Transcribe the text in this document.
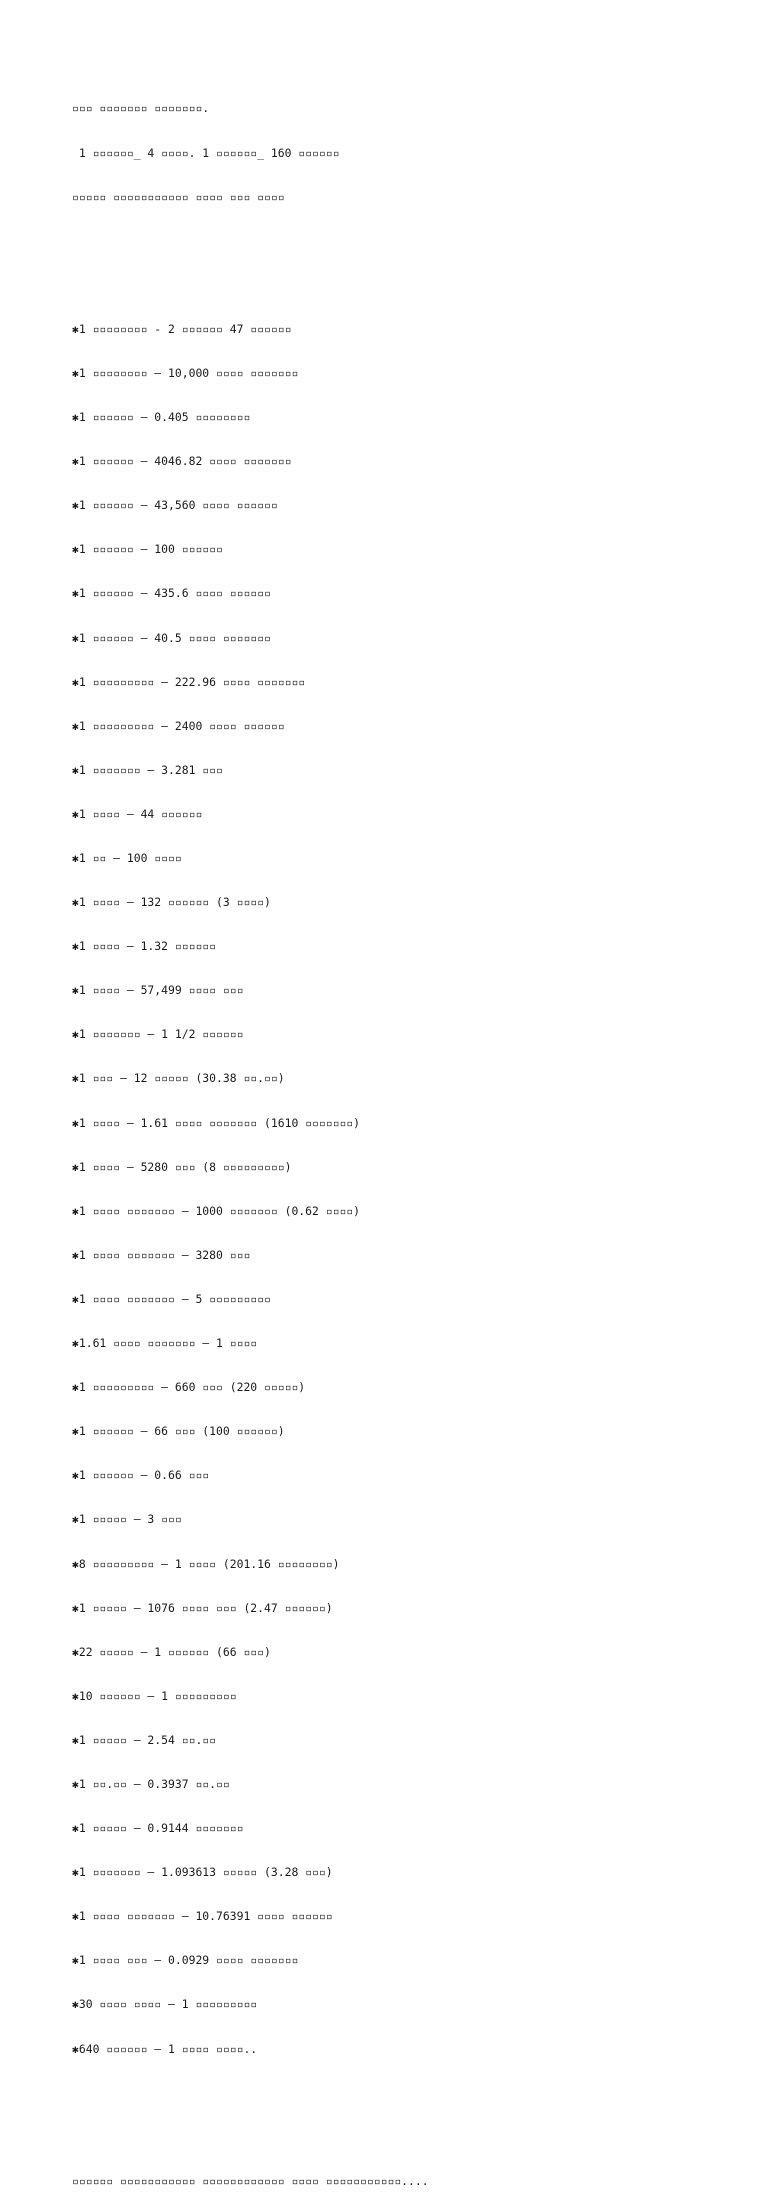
▫▫▫ ▫▫▫▫▫▫▫ ▫▫▫▫▫▫▫.

1 ▫▫▫▫▫▫_ 4 ▫▫▫▫. 1 ▫▫▫▫▫▫_ 160 ▫▫▫▫▫▫

▫▫▫▫▫ ▫▫▫▫▫▫▫▫▫▫▫ ▫▫▫▫ ▫▫▫ ▫▫▫▫

✱1 ▫▫▫▫▫▫▫▫ - 2 ▫▫▫▫▫▫ 47 ▫▫▫▫▫▫

✱1 ▫▫▫▫▫▫▫▫ – 10,000 ▫▫▫▫ ▫▫▫▫▫▫▫

✱1 ▫▫▫▫▫▫ – 0.405 ▫▫▫▫▫▫▫▫

✱1 ▫▫▫▫▫▫ – 4046.82 ▫▫▫▫ ▫▫▫▫▫▫▫

✱1 ▫▫▫▫▫▫ – 43,560 ▫▫▫▫ ▫▫▫▫▫▫

✱1 ▫▫▫▫▫▫ – 100 ▫▫▫▫▫▫

✱1 ▫▫▫▫▫▫ – 435.6 ▫▫▫▫ ▫▫▫▫▫▫

✱1 ▫▫▫▫▫▫ – 40.5 ▫▫▫▫ ▫▫▫▫▫▫▫

✱1 ▫▫▫▫▫▫▫▫▫ – 222.96 ▫▫▫▫ ▫▫▫▫▫▫▫

✱1 ▫▫▫▫▫▫▫▫▫ – 2400 ▫▫▫▫ ▫▫▫▫▫▫

✱1 ▫▫▫▫▫▫▫ – 3.281 ▫▫▫

✱1 ▫▫▫▫ – 44 ▫▫▫▫▫▫

✱1 ▫▫ – 100 ▫▫▫▫

✱1 ▫▫▫▫ – 132 ▫▫▫▫▫▫ (3 ▫▫▫▫)

✱1 ▫▫▫▫ – 1.32 ▫▫▫▫▫▫

✱1 ▫▫▫▫ – 57,499 ▫▫▫▫ ▫▫▫

✱1 ▫▫▫▫▫▫▫ – 1 1/2 ▫▫▫▫▫▫

✱1 ▫▫▫ – 12 ▫▫▫▫▫ (30.38 ▫▫.▫▫)

✱1 ▫▫▫▫ – 1.61 ▫▫▫▫ ▫▫▫▫▫▫▫ (1610 ▫▫▫▫▫▫▫)

✱1 ▫▫▫▫ – 5280 ▫▫▫ (8 ▫▫▫▫▫▫▫▫▫)

✱1 ▫▫▫▫ ▫▫▫▫▫▫▫ – 1000 ▫▫▫▫▫▫▫ (0.62 ▫▫▫▫)

✱1 ▫▫▫▫ ▫▫▫▫▫▫▫ – 3280 ▫▫▫

✱1 ▫▫▫▫ ▫▫▫▫▫▫▫ – 5 ▫▫▫▫▫▫▫▫▫

✱1.61 ▫▫▫▫ ▫▫▫▫▫▫▫ – 1 ▫▫▫▫

✱1 ▫▫▫▫▫▫▫▫▫ – 660 ▫▫▫ (220 ▫▫▫▫▫)

✱1 ▫▫▫▫▫▫ – 66 ▫▫▫ (100 ▫▫▫▫▫▫)

✱1 ▫▫▫▫▫▫ – 0.66 ▫▫▫

✱1 ▫▫▫▫▫ – 3 ▫▫▫

✱8 ▫▫▫▫▫▫▫▫▫ – 1 ▫▫▫▫ (201.16 ▫▫▫▫▫▫▫▫)

✱1 ▫▫▫▫▫ – 1076 ▫▫▫▫ ▫▫▫ (2.47 ▫▫▫▫▫▫)

✱22 ▫▫▫▫▫ – 1 ▫▫▫▫▫▫ (66 ▫▫▫)

✱10 ▫▫▫▫▫▫ – 1 ▫▫▫▫▫▫▫▫▫

✱1 ▫▫▫▫▫ – 2.54 ▫▫.▫▫

✱1 ▫▫.▫▫ – 0.3937 ▫▫.▫▫

✱1 ▫▫▫▫▫ – 0.9144 ▫▫▫▫▫▫▫

✱1 ▫▫▫▫▫▫▫ – 1.093613 ▫▫▫▫▫ (3.28 ▫▫▫)

✱1 ▫▫▫▫ ▫▫▫▫▫▫▫ – 10.76391 ▫▫▫▫ ▫▫▫▫▫▫

✱1 ▫▫▫▫ ▫▫▫ – 0.0929 ▫▫▫▫ ▫▫▫▫▫▫▫

✱30 ▫▫▫▫ ▫▫▫▫ – 1 ▫▫▫▫▫▫▫▫▫

✱640 ▫▫▫▫▫▫ – 1 ▫▫▫▫ ▫▫▫▫..

▫▫▫▫▫▫ ▫▫▫▫▫▫▫▫▫▫▫ ▫▫▫▫▫▫▫▫▫▫▫▫ ▫▫▫▫ ▫▫▫▫▫▫▫▫▫▫▫....
